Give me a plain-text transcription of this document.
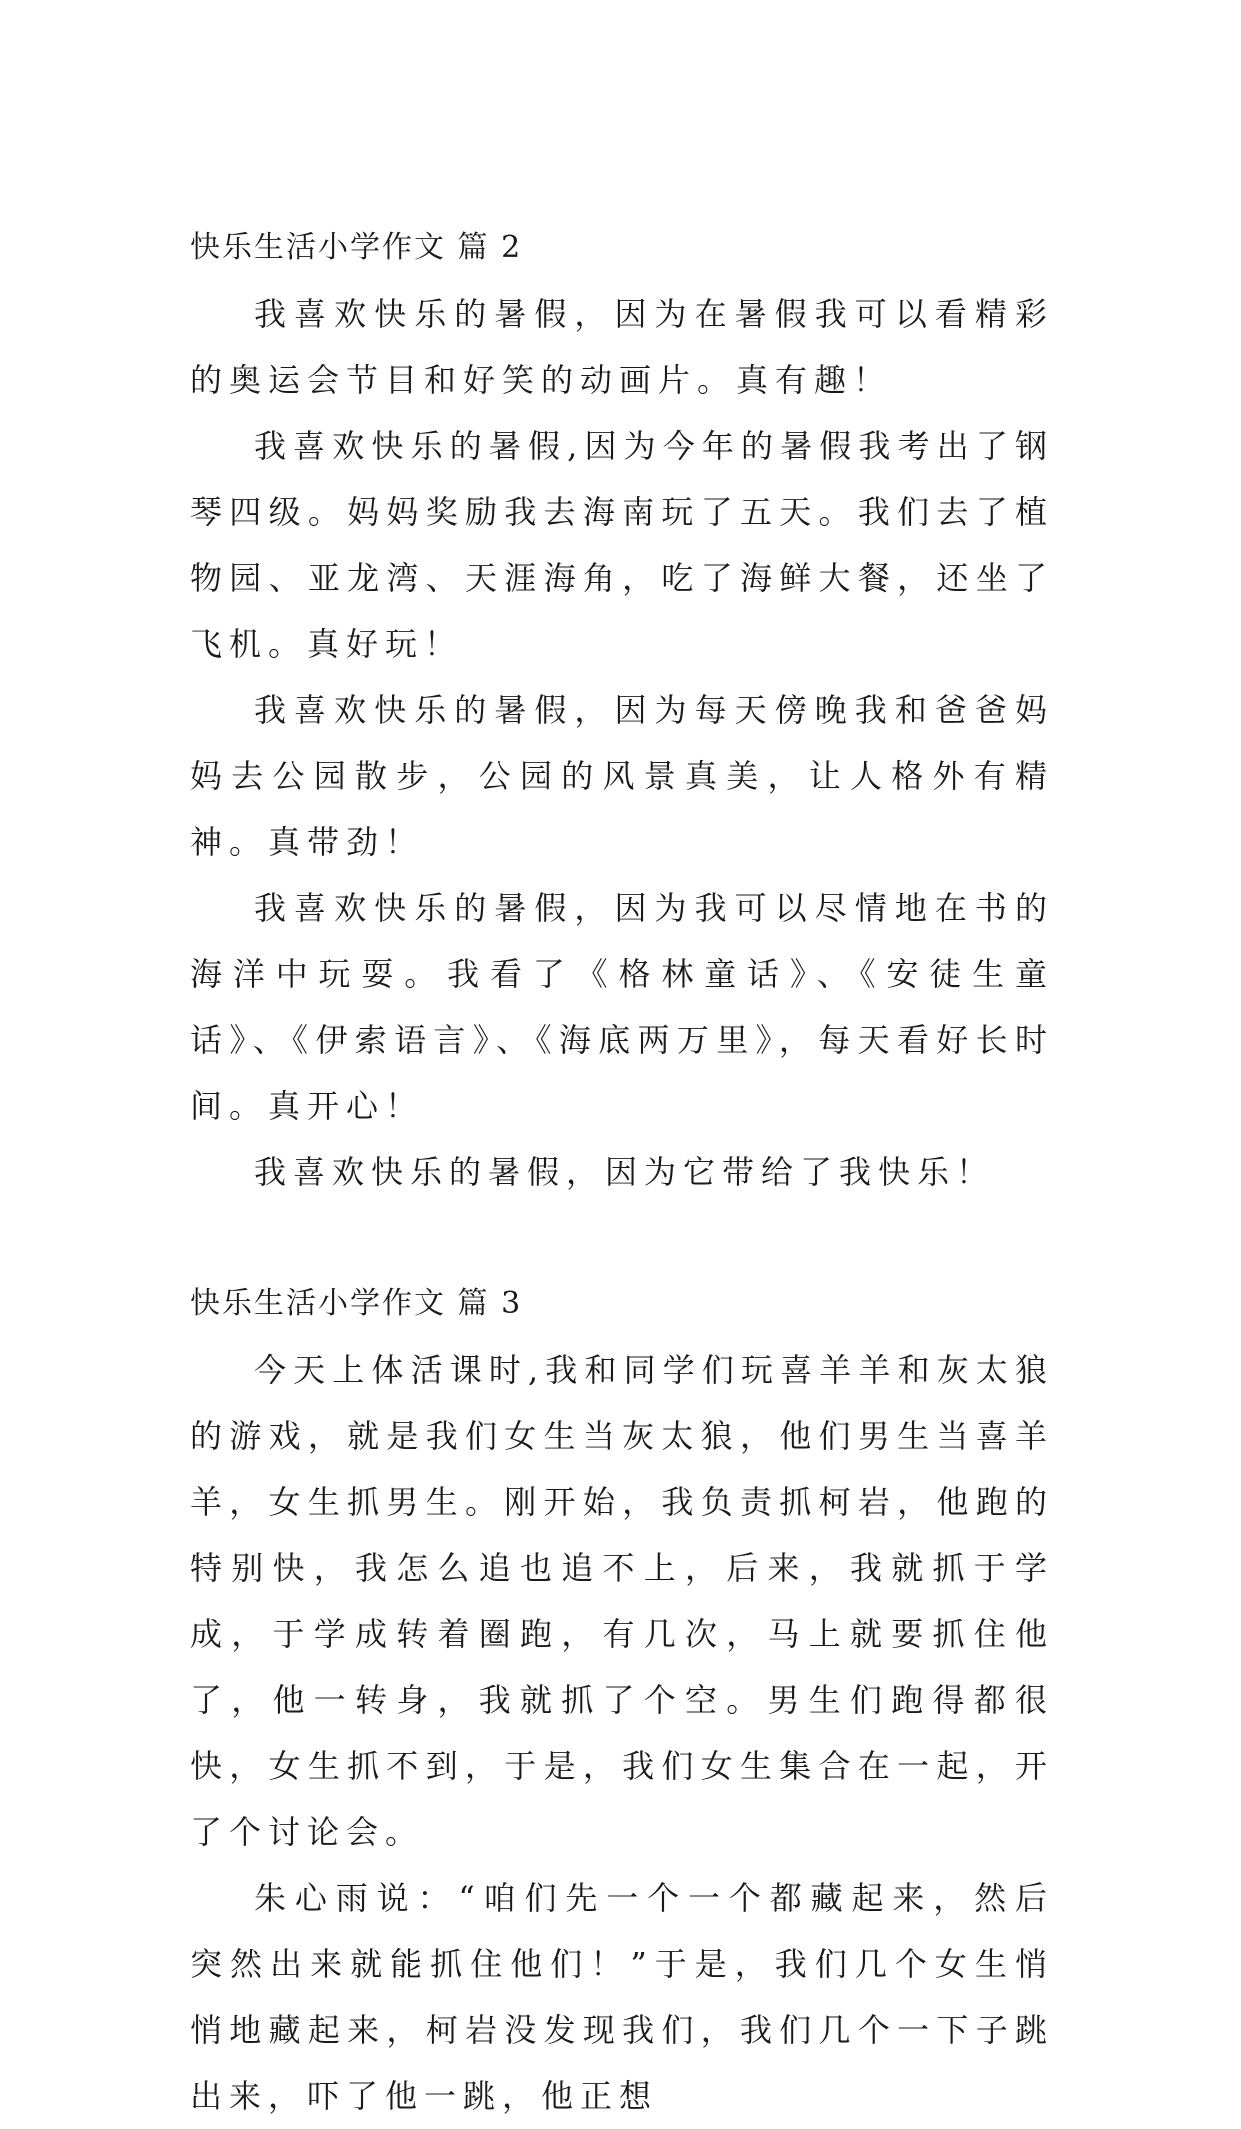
快乐生活小学作文 篇 2

我喜欢快乐的暑假，因为在暑假我可以看精彩的奥运会节目和好笑的动画片。真有趣！

我喜欢快乐的暑假,因为今年的暑假我考出了钢琴四级。妈妈奖励我去海南玩了五天。我们去了植物园、亚龙湾、天涯海角，吃了海鲜大餐，还坐了飞机。真好玩！

我喜欢快乐的暑假，因为每天傍晚我和爸爸妈妈去公园散步，公园的风景真美，让人格外有精神。真带劲！

我喜欢快乐的暑假，因为我可以尽情地在书的海洋中玩耍。我看了《格林童话》、《安徒生童话》、《伊索语言》、《海底两万里》，每天看好长时间。真开心！

我喜欢快乐的暑假，因为它带给了我快乐！

快乐生活小学作文 篇 3

今天上体活课时,我和同学们玩喜羊羊和灰太狼的游戏，就是我们女生当灰太狼，他们男生当喜羊羊，女生抓男生。刚开始，我负责抓柯岩，他跑的特别快，我怎么追也追不上，后来，我就抓于学成，于学成转着圈跑，有几次，马上就要抓住他了，他一转身，我就抓了个空。男生们跑得都很快，女生抓不到，于是，我们女生集合在一起，开了个讨论会。

朱心雨说：“咱们先一个一个都藏起来，然后突然出来就能抓住他们！”于是，我们几个女生悄悄地藏起来，柯岩没发现我们，我们几个一下子跳出来，吓了他一跳，他正想
